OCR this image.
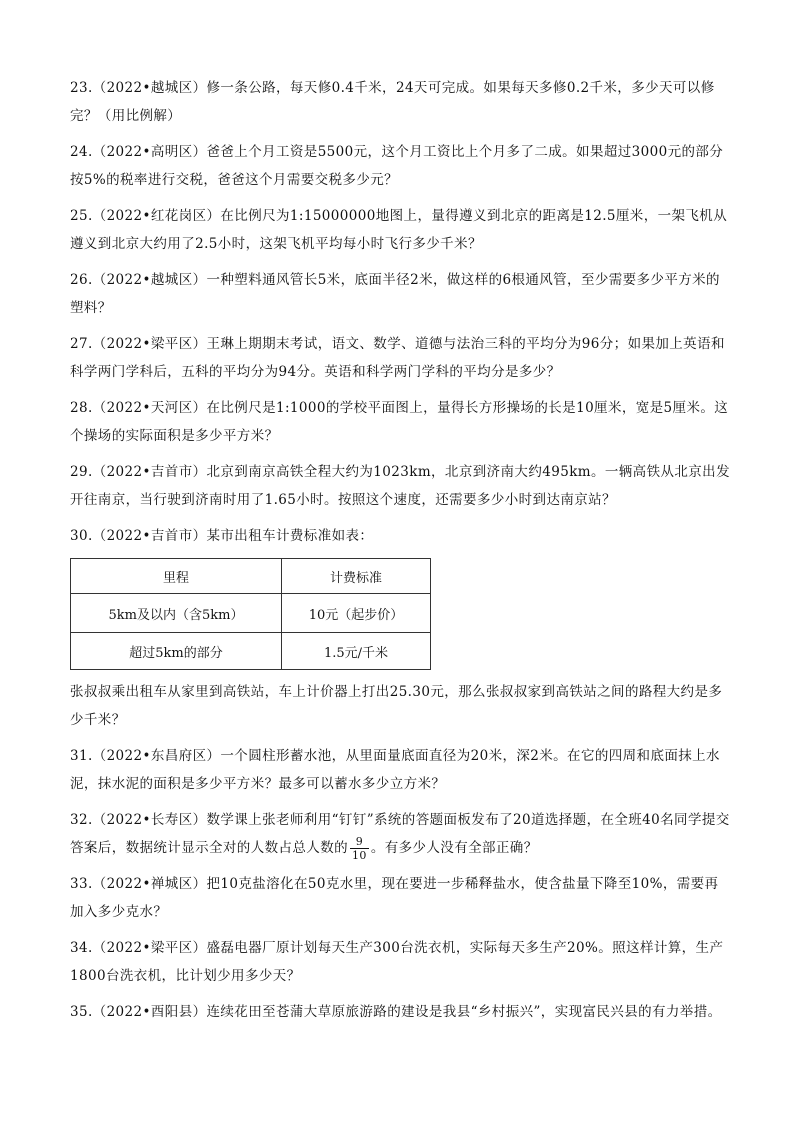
23.（2022•越城区）修一条公路，每天修0.4千米，24天可完成。如果每天多修0.2千米，多少天可以修完？（用比例解）

24.（2022•高明区）爸爸上个月工资是5500元，这个月工资比上个月多了二成。如果超过3000元的部分按5%的税率进行交税，爸爸这个月需要交税多少元？

25.（2022•红花岗区）在比例尺为1:15000000地图上，量得遵义到北京的距离是12.5厘米，一架飞机从遵义到北京大约用了2.5小时，这架飞机平均每小时飞行多少千米？

26.（2022•越城区）一种塑料通风管长5米，底面半径2米，做这样的6根通风管，至少需要多少平方米的塑料？

27.（2022•梁平区）王琳上期期末考试，语文、数学、道德与法治三科的平均分为96分；如果加上英语和科学两门学科后，五科的平均分为94分。英语和科学两门学科的平均分是多少？

28.（2022•天河区）在比例尺是1:1000的学校平面图上，量得长方形操场的长是10厘米，宽是5厘米。这个操场的实际面积是多少平方米？

29.（2022•吉首市）北京到南京高铁全程大约为1023km，北京到济南大约495km。一辆高铁从北京出发开往南京，当行驶到济南时用了1.65小时。按照这个速度，还需要多少小时到达南京站？

30.（2022•吉首市）某市出租车计费标准如表：

里程	计费标准
5km及以内（含5km）	10元（起步价）
超过5km的部分	1.5元/千米

张叔叔乘出租车从家里到高铁站，车上计价器上打出25.30元，那么张叔叔家到高铁站之间的路程大约是多少千米？

31.（2022•东昌府区）一个圆柱形蓄水池，从里面量底面直径为20米，深2米。在它的四周和底面抹上水泥，抹水泥的面积是多少平方米？最多可以蓄水多少立方米？

32.（2022•长寿区）数学课上张老师利用“钉钉”系统的答题面板发布了20道选择题，在全班40名同学提交答案后，数据统计显示全对的人数占总人数的 $\frac{9}{10}$ 。有多少人没有全部正确？

33.（2022•禅城区）把10克盐溶化在50克水里，现在要进一步稀释盐水，使含盐量下降至10%，需要再加入多少克水？

34.（2022•梁平区）盛磊电器厂原计划每天生产300台洗衣机，实际每天多生产20%。照这样计算，生产1800台洗衣机，比计划少用多少天？

35.（2022•酉阳县）连续花田至苍蒲大草原旅游路的建设是我县“乡村振兴”，实现富民兴县的有力举措。
